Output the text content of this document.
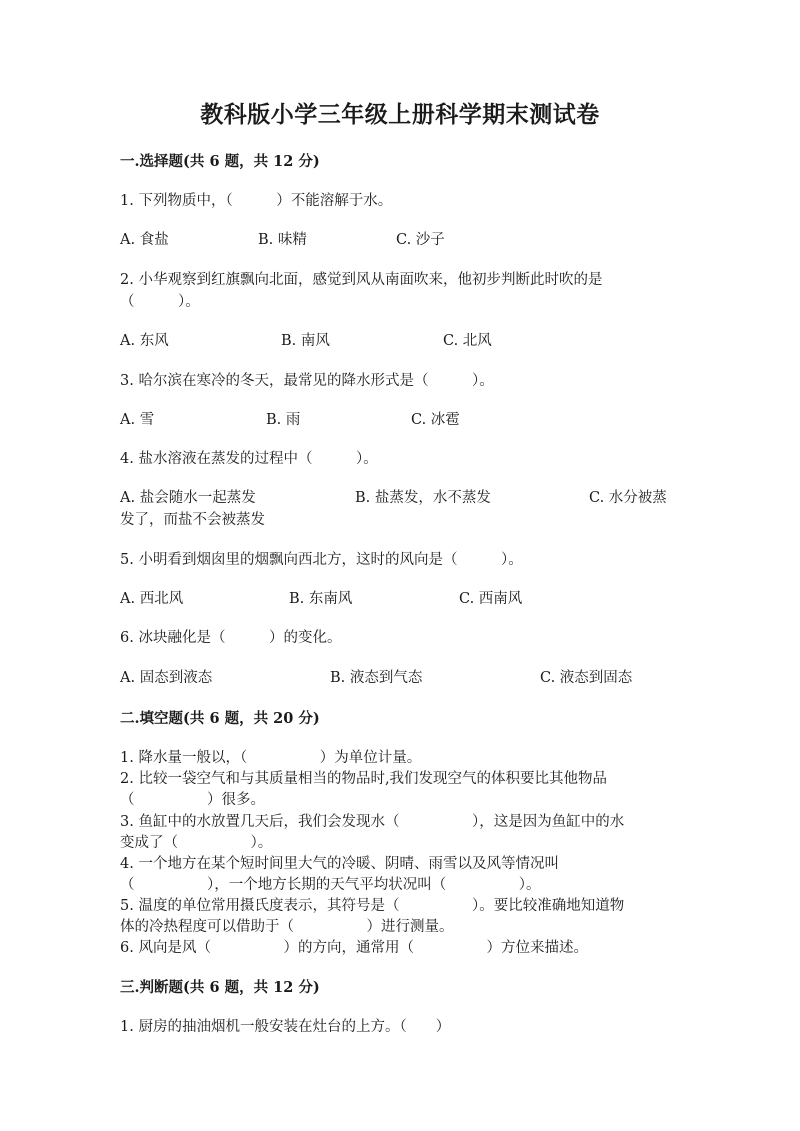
教科版小学三年级上册科学期末测试卷
一.选择题(共 6 题，共 12 分)
1. 下列物质中，（　　　）不能溶解于水。
A. 食盐	B. 味精	C. 沙子
2. 小华观察到红旗飘向北面，感觉到风从南面吹来，他初步判断此时吹的是
（　　　）。
A. 东风	B. 南风	C. 北风
3. 哈尔滨在寒冷的冬天，最常见的降水形式是（　　　）。
A. 雪	B. 雨	C. 冰雹
4. 盐水溶液在蒸发的过程中（　　　）。
A. 盐会随水一起蒸发	B. 盐蒸发，水不蒸发	C. 水分被蒸
发了，而盐不会被蒸发
5. 小明看到烟囱里的烟飘向西北方，这时的风向是（　　　）。
A. 西北风	B. 东南风	C. 西南风
6. 冰块融化是（　　　）的变化。
A. 固态到液态	B. 液态到气态	C. 液态到固态
二.填空题(共 6 题，共 20 分)
1. 降水量一般以，（　　　　　）为单位计量。
2. 比较一袋空气和与其质量相当的物品时,我们发现空气的体积要比其他物品
（　　　　　）很多。
3. 鱼缸中的水放置几天后，我们会发现水（　　　　　），这是因为鱼缸中的水
变成了（　　　　　）。
4. 一个地方在某个短时间里大气的冷暖、阴晴、雨雪以及风等情况叫
（　　　　　），一个地方长期的天气平均状况叫（　　　　　）。
5. 温度的单位常用摄氏度表示，其符号是（　　　　　）。要比较准确地知道物
体的冷热程度可以借助于（　　　　　）进行测量。
6. 风向是风（　　　　　）的方向，通常用（　　　　　）方位来描述。
三.判断题(共 6 题，共 12 分)
1. 厨房的抽油烟机一般安装在灶台的上方。（　　）
